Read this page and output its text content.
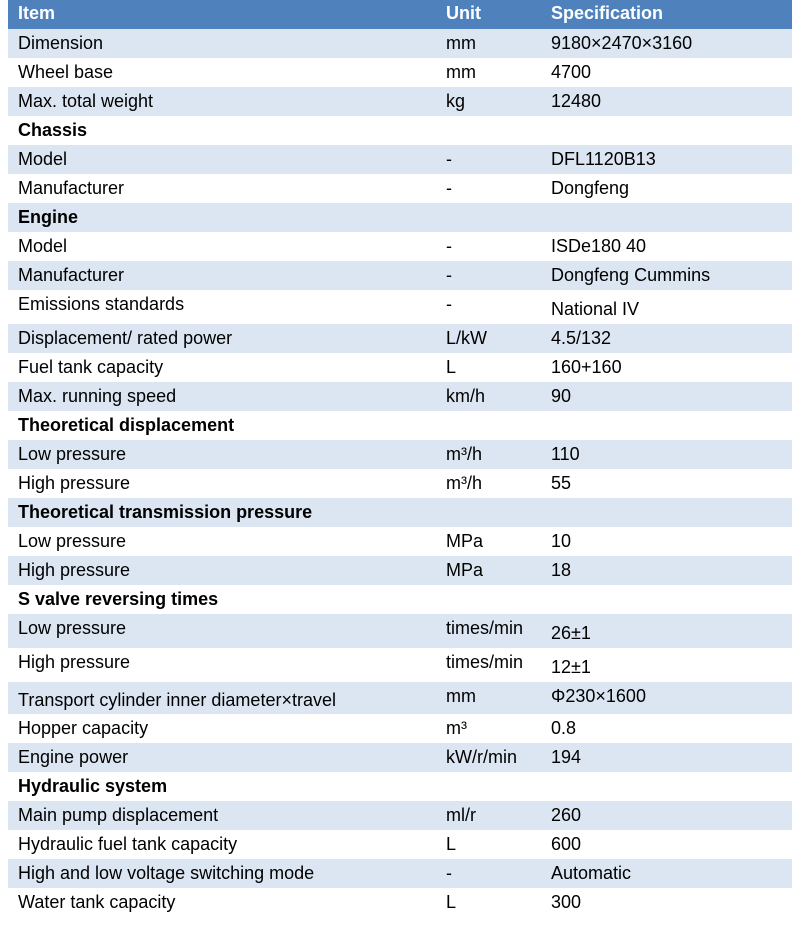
Item	Unit	Specification
Dimension	mm	9180×2470×3160
Wheel base	mm	4700
Max. total weight	kg	12480
Chassis		
Model	-	DFL1120B13
Manufacturer	-	Dongfeng
Engine		
Model	-	ISDe180 40
Manufacturer	-	Dongfeng Cummins
Emissions standards	-	National IV
Displacement/ rated power	L/kW	4.5/132
Fuel tank capacity	L	160+160
Max. running speed	km/h	90
Theoretical displacement		
Low pressure	m³/h	110
High pressure	m³/h	55
Theoretical transmission pressure		
Low pressure	MPa	10
High pressure	MPa	18
S valve reversing times		
Low pressure	times/min	26±1
High pressure	times/min	12±1
Transport cylinder inner diameter×travel	mm	Φ230×1600
Hopper capacity	m³	0.8
Engine power	kW/r/min	194
Hydraulic system		
Main pump displacement	ml/r	260
Hydraulic fuel tank capacity	L	600
High and low voltage switching mode	-	Automatic
Water tank capacity	L	300
